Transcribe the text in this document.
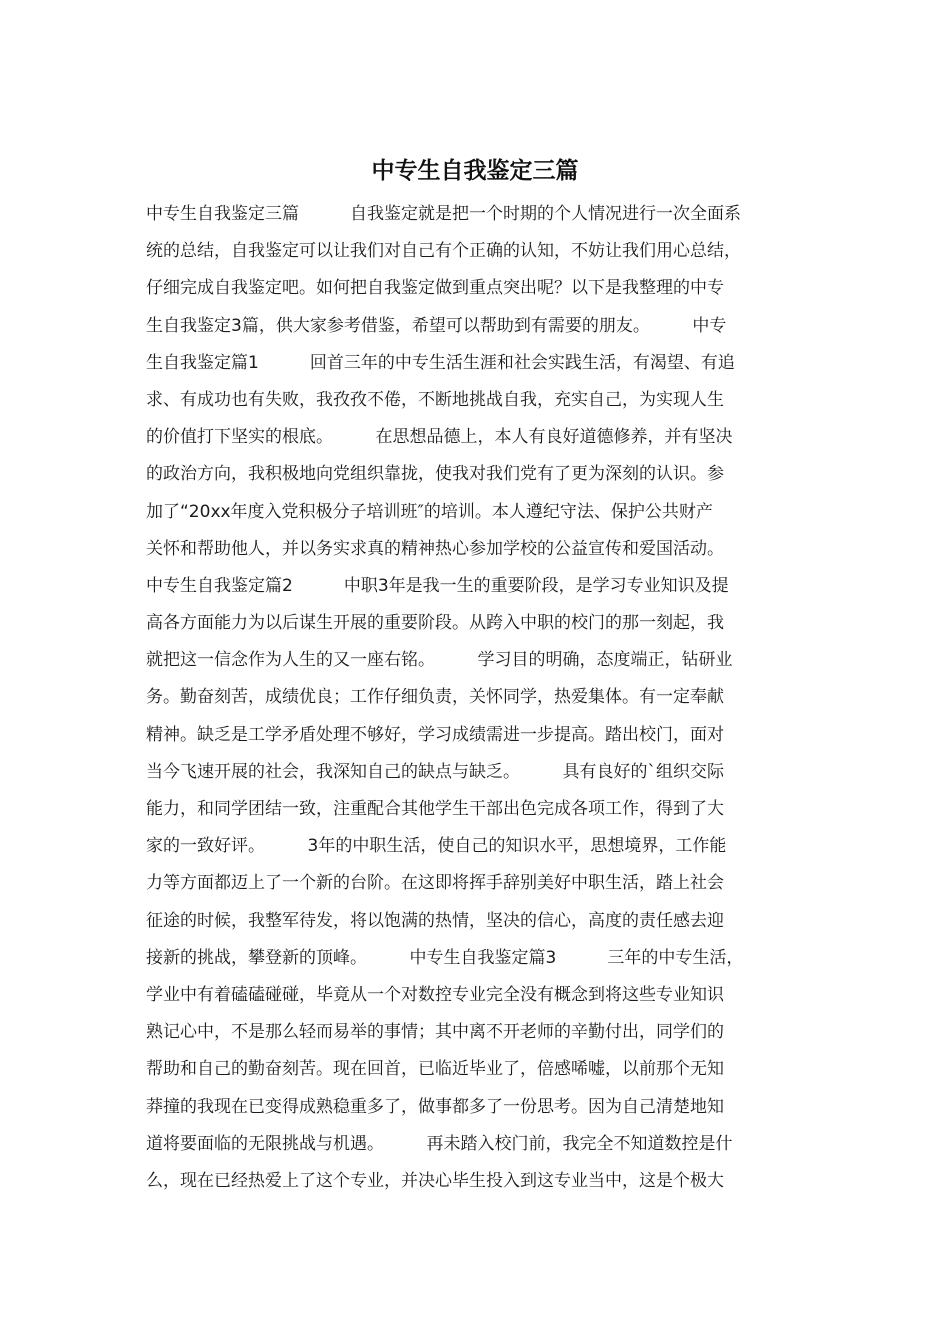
中专生自我鉴定三篇
中专生自我鉴定三篇　　　自我鉴定就是把一个时期的个人情况进行一次全面系
统的总结，自我鉴定可以让我们对自己有个正确的认知，不妨让我们用心总结，
仔细完成自我鉴定吧。如何把自我鉴定做到重点突出呢？以下是我整理的中专
生自我鉴定3篇，供大家参考借鉴，希望可以帮助到有需要的朋友。　　　中专
生自我鉴定篇1　　　回首三年的中专生活生涯和社会实践生活，有渴望、有追
求、有成功也有失败，我孜孜不倦，不断地挑战自我，充实自己，为实现人生
的价值打下坚实的根底。　　　在思想品德上，本人有良好道德修养，并有坚决
的政治方向，我积极地向党组织靠拢，使我对我们党有了更为深刻的认识。参
加了“20xx年度入党积极分子培训班″的培训。本人遵纪守法、保护公共财产
关怀和帮助他人，并以务实求真的精神热心参加学校的公益宣传和爱国活动。
中专生自我鉴定篇2　　　中职3年是我一生的重要阶段，是学习专业知识及提
高各方面能力为以后谋生开展的重要阶段。从跨入中职的校门的那一刻起，我
就把这一信念作为人生的又一座右铭。　　　学习目的明确，态度端正，钻研业
务。勤奋刻苦，成绩优良；工作仔细负责，关怀同学，热爱集体。有一定奉献
精神。缺乏是工学矛盾处理不够好，学习成绩需进一步提高。踏出校门，面对
当今飞速开展的社会，我深知自己的缺点与缺乏。　　　具有良好的`组织交际
能力，和同学团结一致，注重配合其他学生干部出色完成各项工作，得到了大
家的一致好评。　　　3年的中职生活，使自己的知识水平，思想境界，工作能
力等方面都迈上了一个新的台阶。在这即将挥手辞别美好中职生活，踏上社会
征途的时候，我整军待发，将以饱满的热情，坚决的信心，高度的责任感去迎
接新的挑战，攀登新的顶峰。　　　中专生自我鉴定篇3　　　三年的中专生活，
学业中有着磕磕碰碰，毕竟从一个对数控专业完全没有概念到将这些专业知识
熟记心中，不是那么轻而易举的事情；其中离不开老师的辛勤付出，同学们的
帮助和自己的勤奋刻苦。现在回首，已临近毕业了，倍感唏嘘，以前那个无知
莽撞的我现在已变得成熟稳重多了，做事都多了一份思考。因为自己清楚地知
道将要面临的无限挑战与机遇。　　　再未踏入校门前，我完全不知道数控是什
么，现在已经热爱上了这个专业，并决心毕生投入到这专业当中，这是个极大
